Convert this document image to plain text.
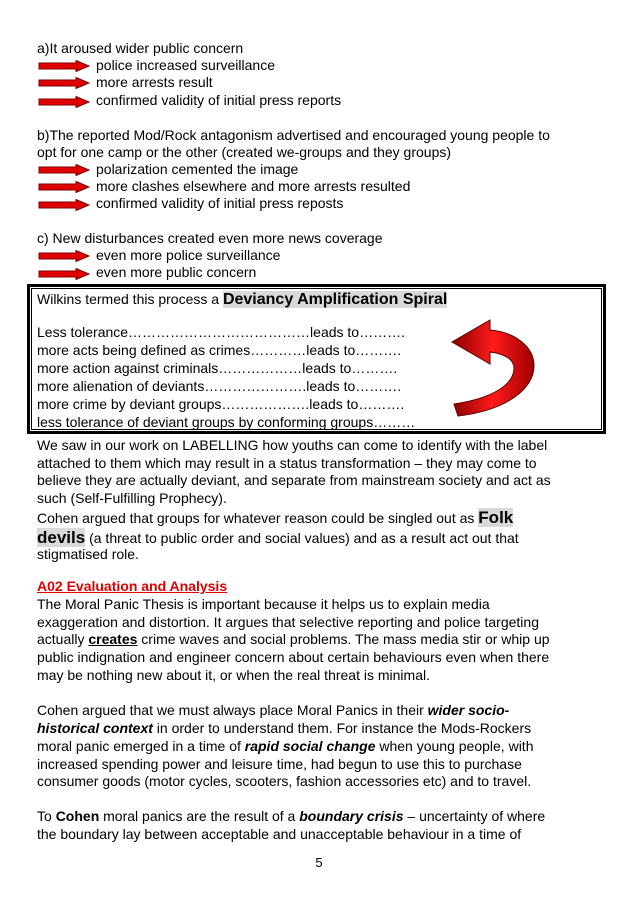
a)It aroused wider public concern
police increased surveillance
more arrests result
confirmed validity of initial press reports
b)The reported Mod/Rock antagonism advertised and encouraged young people to
opt for one camp or the other (created we-groups and they groups)
polarization cemented the image
more clashes elsewhere and more arrests resulted
confirmed validity of initial press reposts
c) New disturbances created even more news coverage
even more police surveillance
even more public concern
Wilkins termed this process a Deviancy Amplification Spiral
Less tolerance…………………………………leads to……….
more acts being defined as crimes…………leads to……….
more action against criminals………………leads to……….
more alienation of deviants………………….leads to……….
more crime by deviant groups……………….leads to……….
less tolerance of deviant groups by conforming groups………
We saw in our work on LABELLING how youths can come to identify with the label
attached to them which may result in a status transformation – they may come to
believe they are actually deviant, and separate from mainstream society and act as
such (Self-Fulfilling Prophecy).
Cohen argued that groups for whatever reason could be singled out as Folk
devils (a threat to public order and social values) and as a result act out that
stigmatised role.
A02 Evaluation and Analysis
The Moral Panic Thesis is important because it helps us to explain media
exaggeration and distortion. It argues that selective reporting and police targeting
actually creates crime waves and social problems. The mass media stir or whip up
public indignation and engineer concern about certain behaviours even when there
may be nothing new about it, or when the real threat is minimal.
Cohen argued that we must always place Moral Panics in their wider socio-
historical context in order to understand them. For instance the Mods-Rockers
moral panic emerged in a time of rapid social change when young people, with
increased spending power and leisure time, had begun to use this to purchase
consumer goods (motor cycles, scooters, fashion accessories etc) and to travel.
To Cohen moral panics are the result of a boundary crisis – uncertainty of where
the boundary lay between acceptable and unacceptable behaviour in a time of
5
